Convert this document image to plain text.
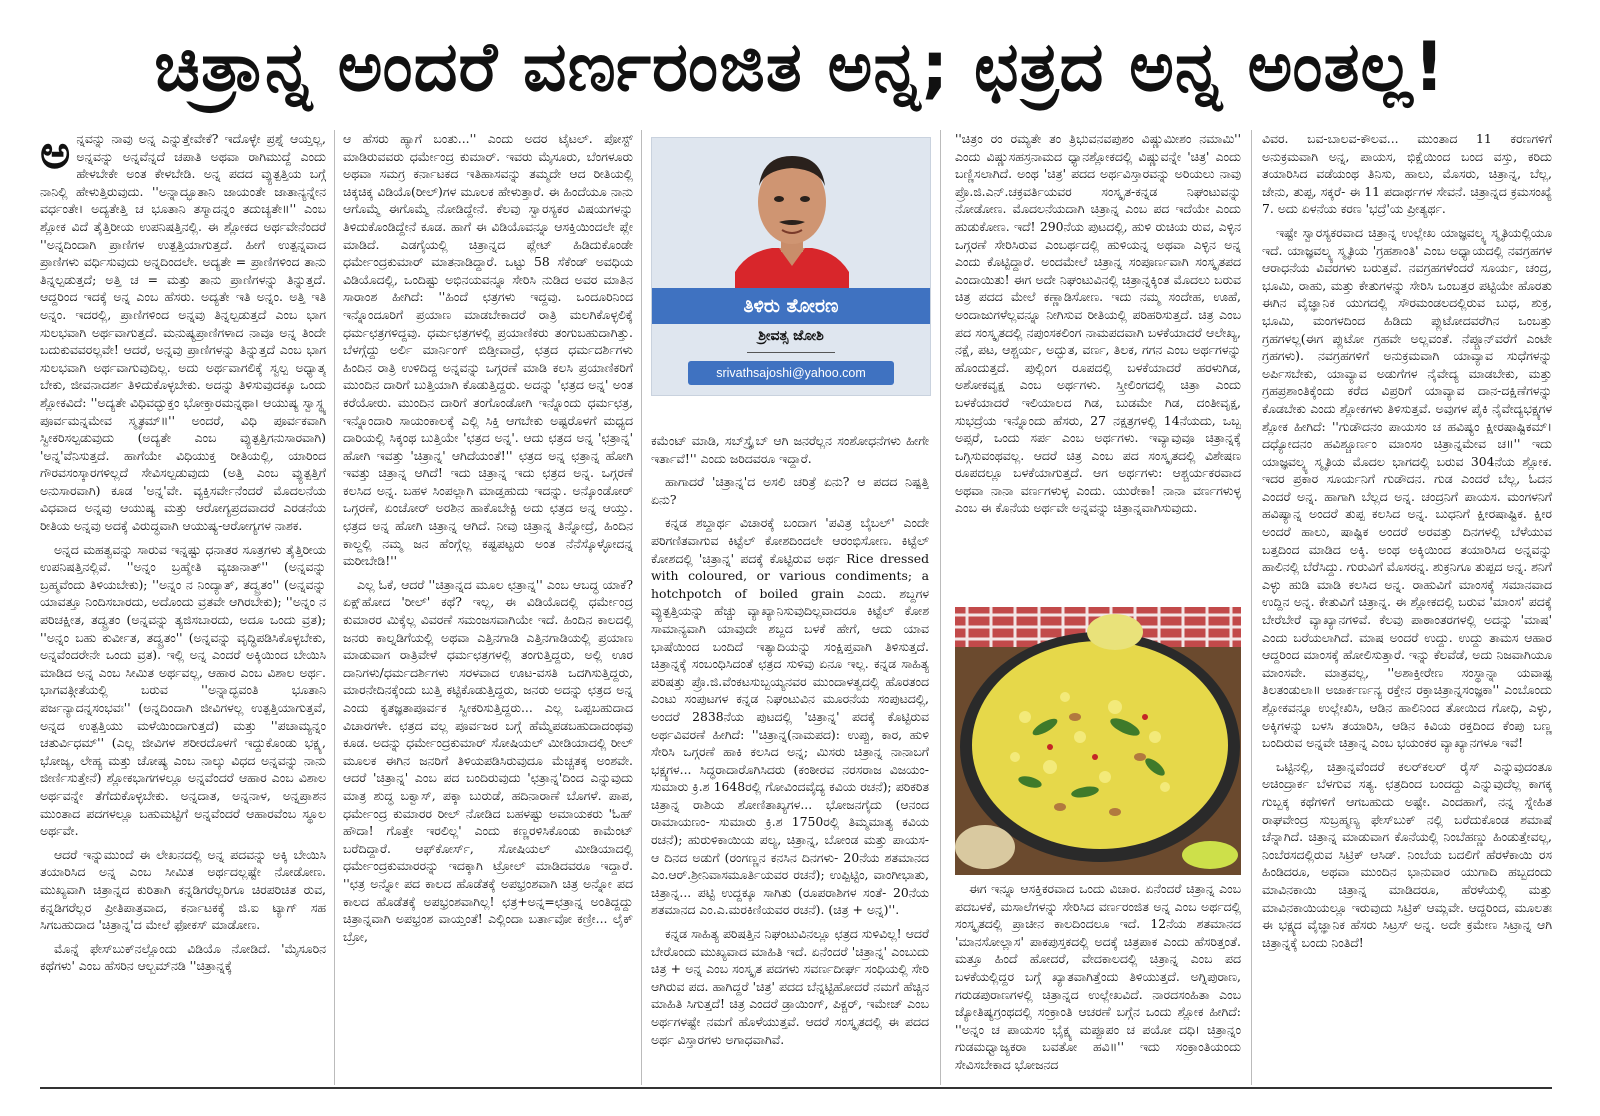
ಚಿತ್ರಾನ್ನ ಅಂದರೆ ವರ್ಣರಂಜಿತ ಅನ್ನ; ಛತ್ರದ ಅನ್ನ ಅಂತಲ್ಲ!

ಅನ್ನವನ್ನು ನಾವು ಅನ್ನ ಎನ್ನುತ್ತೇವೇಕೆ? ಇದೊಳ್ಳೇ ಪ್ರಶ್ನೆ ಆಯ್ತಲ್ಲ, ಅನ್ನವನ್ನು ಅನ್ನವೆನ್ನದೆ ಚಪಾತಿ ಅಥವಾ ರಾಗಿಮುದ್ದೆ ಎಂದು ಹೇಳಬೇಕೇ ಅಂತ ಕೇಳಬೇಡಿ. ಅನ್ನ ಪದದ ವ್ಯುತ್ಪತ್ತಿಯ ಬಗ್ಗೆ ನಾನಿಲ್ಲಿ ಹೇಳುತ್ತಿರುವುದು. ''ಅನ್ನಾದ್ಭೂತಾನಿ ಜಾಯಂತೇ ಜಾತಾನ್ಯನ್ನೇನ ವರ್ಧಂತೇ। ಅದ್ಯತೇತ್ತಿ ಚ ಭೂತಾನಿ ತಸ್ಮಾದನ್ನಂ ತದುಚ್ಯತೇ॥'' ಎಂಬ ಶ್ಲೋಕ ವಿದೆ ತೈತ್ತಿರೀಯ ಉಪನಿಷತ್ತಿನಲ್ಲಿ. ಈ ಶ್ಲೋಕದ ಅರ್ಥವೇನೆಂದರೆ ''ಅನ್ನದಿಂದಾಗಿ ಪ್ರಾಣಿಗಳ ಉತ್ಪತ್ತಿಯಾಗುತ್ತದೆ. ಹೀಗೆ ಉತ್ಪನ್ನವಾದ ಪ್ರಾಣಿಗಳು ವರ್ಧಿಸುವುದು ಅನ್ನದಿಂದಲೇ. ಅದ್ಯತೇ = ಪ್ರಾಣಿಗಳಿಂದ ತಾನು ತಿನ್ನಲ್ಪಡುತ್ತದೆ; ಅತ್ತಿ ಚ = ಮತ್ತು ತಾನು ಪ್ರಾಣಿಗಳನ್ನು ತಿನ್ನುತ್ತದೆ. ಆದ್ದರಿಂದ ಇದಕ್ಕೆ ಅನ್ನ ಎಂಬ ಹೆಸರು. ಅದ್ಯತೇ ಇತಿ ಅನ್ನಂ. ಅತ್ತಿ ಇತಿ ಅನ್ನಂ. ಇದರಲ್ಲಿ, ಪ್ರಾಣಿಗಳಿಂದ ಅನ್ನವು ತಿನ್ನಲ್ಪಡುತ್ತದೆ ಎಂಬ ಭಾಗ ಸುಲಭವಾಗಿ ಅರ್ಥವಾಗುತ್ತದೆ. ಮನುಷ್ಯಪ್ರಾಣಿಗಳಾದ ನಾವೂ ಅನ್ನ ತಿಂದೇ ಬದುಕುವವರಲ್ಲವೇ! ಆದರೆ, ಅನ್ನವು ಪ್ರಾಣಿಗಳನ್ನು ತಿನ್ನುತ್ತದೆ ಎಂಬ ಭಾಗ ಸುಲಭವಾಗಿ ಅರ್ಥವಾಗುವುದಿಲ್ಲ. ಅದು ಅರ್ಥವಾಗಲಿಕ್ಕೆ ಸ್ವಲ್ಪ ಅಧ್ಯಾತ್ಮ ಬೇಕು, ಜೀವನಾದರ್ಶ ತಿಳಿದುಕೊಳ್ಳಬೇಕು. ಅದನ್ನು ತಿಳಿಸುವುದಕ್ಕೂ ಒಂದು ಶ್ಲೋಕವಿದೆ: ''ಅದ್ಯತೇ ವಿಧಿವದ್ಭುಕ್ತಂ ಭೋಕ್ತಾರಮನ್ನಥಾ। ಆಯುಷ್ಯ ಸ್ವಾಸ್ಥ್ಯ ಪೂರ್ವಮನ್ನಮೇವ ಸ್ಮೃತಮ್॥'' ಅಂದರೆ, ವಿಧಿ ಪೂರ್ವಕವಾಗಿ ಸ್ವೀಕರಿಸಲ್ಪಡುವುದು (ಅದ್ಯತೇ ಎಂಬ ವ್ಯುತ್ಪತ್ತಿಗನುಸಾರವಾಗಿ) 'ಅನ್ನ'ವೆನಿಸುತ್ತದೆ. ಹಾಗೆಯೇ ವಿಧಿಯುಕ್ತ ರೀತಿಯಲ್ಲಿ, ಯಾರಿಂದ ಗೌರವಸಂಸ್ಕಾರಗಳಿಲ್ಲದೆ ಸೇವಿಸಲ್ಪಡುವುದು (ಅತ್ತಿ ಎಂಬ ವ್ಯುತ್ಪತ್ತಿಗೆ ಅನುಸಾರವಾಗಿ) ಕೂಡ 'ಅನ್ನ'ವೇ. ವ್ಯಕ್ತಿಸರ್ವೇನೆಂದರೆ ಮೊದಲನೆಯ ವಿಧವಾದ ಅನ್ನವು ಆಯುಷ್ಯ ಮತ್ತು ಆರೋಗ್ಯಪ್ರದವಾದರೆ ಎರಡನೆಯ ರೀತಿಯ ಅನ್ನವು ಅದಕ್ಕೆ ವಿರುದ್ಧವಾಗಿ ಆಯುಷ್ಯ-ಆರೋಗ್ಯಗಳ ನಾಶಕ.

ಅನ್ನದ ಮಹತ್ವವನ್ನು ಸಾರುವ ಇನ್ನಷ್ಟು ಧನಾತರ ಸೂತ್ರಗಳು ತೈತ್ತಿರೀಯ ಉಪನಿಷತ್ತಿನಲ್ಲಿವೆ. ''ಅನ್ನಂ ಬ್ರಹ್ಮೇತಿ ವ್ಯಜಾನಾತ್'' (ಅನ್ನವನ್ನು ಬ್ರಹ್ಮವೆಂದು ತಿಳಿಯಬೇಕು); ''ಅನ್ನಂ ನ ನಿಂದ್ಯಾತ್, ತದ್ವ್ರತಂ'' (ಅನ್ನವನ್ನು ಯಾವತ್ತೂ ನಿಂದಿಸಬಾರದು, ಅದೊಂದು ವ್ರತವೇ ಆಗಿರಬೇಕು); ''ಅನ್ನಂ ನ ಪರಿಚಕ್ಷೀತ, ತದ್ವ್ರತಂ (ಅನ್ನವನ್ನು ತ್ಯಜಿಸಬಾರದು, ಅದೂ ಒಂದು ವ್ರತ); ''ಅನ್ನಂ ಬಹು ಕುರ್ವೀತ, ತದ್ವ್ರತಂ'' (ಅನ್ನವನ್ನು ವೃದ್ಧಿಪಡಿಸಿಕೊಳ್ಳಬೇಕು, ಅನ್ನವೆಂದರೇನೇ ಒಂದು ವ್ರತ). ಇಲ್ಲಿ ಅನ್ನ ಎಂದರೆ ಅಕ್ಕಿಯಿಂದ ಬೇಯಿಸಿ ಮಾಡಿದ ಅನ್ನ ಎಂಬ ಸೀಮಿತ ಅರ್ಥವಲ್ಲ, ಆಹಾರ ಎಂಬ ವಿಶಾಲ ಅರ್ಥ. ಭಾಗವತ್ಗೀತೆಯಲ್ಲಿ ಬರುವ ''ಅನ್ನಾದ್ಭವಂತಿ ಭೂತಾನಿ ಪರ್ಜನ್ಯಾದನ್ನಸಂಭವಃ'' (ಅನ್ನದಿಂದಾಗಿ ಜೀವಿಗಳಲ್ಲ ಉತ್ಪತ್ತಿಯಾಗುತ್ತವೆ, ಅನ್ನದ ಉತ್ಪತ್ತಿಯು ಮಳೆಯಿಂದಾಗುತ್ತದೆ) ಮತ್ತು ''ಪಚಾಮ್ಯನ್ನಂ ಚತುರ್ವಿಧಮ್'' (ಎಲ್ಲ ಜೀವಿಗಳ ಶರೀರದೊಳಗೆ ಇದ್ದುಕೊಂಡು ಭಕ್ಷ್ಯ, ಭೋಜ್ಯ, ಲೇಹ್ಯ ಮತ್ತು ಚೋಷ್ಯ ಎಂಬ ನಾಲ್ಕು ವಿಧದ ಅನ್ನವನ್ನು ನಾನು ಜೀರ್ಣಿಸುತ್ತೇನೆ) ಶ್ಲೋಕಭಾಗಗಳಲ್ಲೂ ಅನ್ನವೆಂದರೆ ಆಹಾರ ಎಂಬ ವಿಶಾಲ ಅರ್ಥವನ್ನೇ ತೆಗೆದುಕೊಳ್ಳಬೇಕು. ಅನ್ನದಾತ, ಅನ್ನನಾಳ, ಅನ್ನಪ್ರಾಶನ ಮುಂತಾದ ಪದಗಳಲ್ಲೂ ಬಹುಮಟ್ಟಿಗೆ ಅನ್ನವೆಂದರೆ ಆಹಾರವೆಂಬ ಸ್ಥೂಲ ಅರ್ಥವೇ.

ಆದರೆ ಇನ್ನುಮುಂದೆ ಈ ಲೇಖನದಲ್ಲಿ ಅನ್ನ ಪದವನ್ನು ಅಕ್ಕಿ ಬೇಯಿಸಿ ತಯಾರಿಸಿದ ಅನ್ನ ಎಂಬ ಸೀಮಿತ ಅರ್ಥದಲ್ಲಷ್ಟೇ ನೋಡೋಣ. ಮುಖ್ಯವಾಗಿ ಚಿತ್ರಾನ್ನದ ಕುರಿತಾಗಿ ಕನ್ನಡಿಗರೆಲ್ಲರಿಗೂ ಚಿರಪರಿಚಿತ ರುವ, ಕನ್ನಡಿಗರೆಲ್ಲರ ಪ್ರೀತಿಪಾತ್ರವಾದ, ಕರ್ನಾಟಕಕ್ಕೆ ಜಿ.ಐ ಟ್ಯಾಗ್ ಸಹ ಸಿಗಬಹುದಾದ 'ಚಿತ್ರಾನ್ನ'ದ ಮೇಲೆ ಫೋಕಸ್ ಮಾಡೋಣ.

ಮೊನ್ನೆ ಫೇಸ್‌ಬುಕ್‌ನಲ್ಲೊಂದು ವಿಡಿಯೊ ನೋಡಿದೆ. 'ಮೈಸೂರಿನ ಕಥೆಗಳು' ಎಂಬ ಹೆಸರಿನ ಆಲ್ಬಮ್‌ನಡಿ ''ಚಿತ್ರಾನ್ನಕ್ಕೆ

ಆ ಹೆಸರು ಹ್ಯಾಗೆ ಬಂತು...'' ಎಂದು ಅದರ ಟೈಟಲ್. ಪೋಸ್ಟ್ ಮಾಡಿರುವವರು ಧರ್ಮೇಂದ್ರ ಕುಮಾರ್. ಇವರು ಮೈಸೂರು, ಬೆಂಗಳೂರು ಅಥವಾ ಸಮಗ್ರ ಕರ್ನಾಟಕದ ಇತಿಹಾಸವನ್ನು ತಮ್ಮದೇ ಆದ ರೀತಿಯಲ್ಲಿ ಚಿಕ್ಕಚಿಕ್ಕ ವಿಡಿಯೊ(ರೀಲ್)ಗಳ ಮೂಲಕ ಹೇಳುತ್ತಾರೆ. ಈ ಹಿಂದೆಯೂ ನಾನು ಆಗೊಮ್ಮೆ ಈಗೊಮ್ಮೆ ನೋಡಿದ್ದೇನೆ. ಕೆಲವು ಸ್ವಾರಸ್ಯಕರ ವಿಷಯಗಳನ್ನು ತಿಳಿದುಕೊಂಡಿದ್ದೇನೆ ಕೂಡ. ಹಾಗೆ ಈ ವಿಡಿಯೊವನ್ನೂ ಆಸಕ್ತಿಯಿಂದಲೇ ಪ್ಲೇ ಮಾಡಿದೆ. ಎಡಗೈಯಲ್ಲಿ ಚಿತ್ರಾನ್ನದ ಪ್ಲೇಟ್ ಹಿಡಿದುಕೊಂಡೇ ಧರ್ಮೇಂದ್ರಕುಮಾರ್ ಮಾತನಾಡಿದ್ದಾರೆ. ಒಟ್ಟು 58 ಸೆಕೆಂಡ್ ಅವಧಿಯ ವಿಡಿಯೊದಲ್ಲಿ, ಒಂದಿಷ್ಟು ಅಭಿನಯವನ್ನೂ ಸೇರಿಸಿ ನುಡಿದ ಅವರ ಮಾತಿನ ಸಾರಾಂಶ ಹೀಗಿದೆ: ''ಹಿಂದೆ ಛತ್ರಗಳು ಇದ್ದವು. ಒಂದೂರಿನಿಂದ ಇನ್ನೊಂದೂರಿಗೆ ಪ್ರಯಾಣ ಮಾಡಬೇಕಾದರೆ ರಾತ್ರಿ ಮಲಗಿಕೊಳ್ಳಲಿಕ್ಕೆ ಧರ್ಮಛತ್ರಗಳಿದ್ದವು. ಧರ್ಮಛತ್ರಗಳಲ್ಲಿ ಪ್ರಯಾಣಿಕರು ತಂಗುಬಹುದಾಗಿತ್ತು. ಬೆಳಗ್ಗೆದ್ದು ಅರ್ಲಿ ಮಾರ್ನಿಂಗ್ ಬಿಡ್ತೀವಾದ್ರೆ, ಛತ್ರದ ಧರ್ಮದರ್ಶಿಗಳು ಹಿಂದಿನ ರಾತ್ರಿ ಉಳಿದಿದ್ದ ಅನ್ನವನ್ನು ಒಗ್ಗರಣೆ ಮಾಡಿ ಕಲಸಿ ಪ್ರಯಾಣಿಕರಿಗೆ ಮುಂದಿನ ದಾರಿಗೆ ಬುತ್ತಿಯಾಗಿ ಕೊಡುತ್ತಿದ್ದರು. ಅದನ್ನು 'ಛತ್ರದ ಅನ್ನ' ಅಂತ ಕರೆಯೋರು. ಮುಂದಿನ ದಾರಿಗೆ ತಂಗೊಂಡೋಗಿ ಇನ್ನೊಂದು ಧರ್ಮಛತ್ರ, ಇನ್ನೊಂದಾರಿ ಸಾಯಂಕಾಲಕ್ಕೆ ಎಲ್ಲಿ ಸಿಕ್ತಿ ಆಗಬೇಕು ಅಷ್ಟರೊಳಗೆ ಮಧ್ಯದ ದಾರಿಯಲ್ಲಿ ಸಿಕ್ಕಂಥ ಬುತ್ತಿಯೇ 'ಛತ್ರದ ಅನ್ನ'. ಆದು ಛತ್ರದ ಅನ್ನ 'ಛತ್ರಾನ್ನ' ಹೋಗಿ ಇವತ್ತು 'ಚಿತ್ರಾನ್ನ' ಆಗಿದೆಯಂತೆ!'' ಛತ್ರದ ಅನ್ನ ಛತ್ರಾನ್ನ ಹೋಗಿ ಇವತ್ತು ಚಿತ್ರಾನ್ನ ಆಗಿದೆ! ಇದು ಚಿತ್ರಾನ್ನ ಇದು ಛತ್ರದ ಅನ್ನ. ಒಗ್ಗರಣೆ ಕಲಸಿದ ಅನ್ನ. ಬಹಳ ಸಿಂಪಲ್ಲಾಗಿ ಮಾಡ್ತಹುದು ಇದನ್ನು. ಅನ್ಕೊಂಡೋರ್ ಒಗ್ಗರಣೆ, ಏಂಚೋರ್ ಅರಶಿನ ಹಾಕೊಬೇಕ್ಟಿ ಅದು ಛತ್ರದ ಅನ್ನ ಆಯ್ತು. ಛತ್ರದ ಅನ್ನ ಹೋಗಿ ಚಿತ್ರಾನ್ನ ಆಗಿದೆ. ನೀವು ಚಿತ್ರಾನ್ನ ತಿನ್ನೋದ್ರೆ, ಹಿಂದಿನ ಕಾಲ್ದಲ್ಲಿ ನಮ್ಮ ಜನ ಹೆಂಗ್ಗೆಲ್ಲ ಕಷ್ಟಪಟ್ಟರು ಅಂತ ನೆನೆಸ್ಕೊಳ್ಳೋದನ್ನ ಮರೀಬೇಡಿ!''

ಎಲ್ಲ ಓಕೆ, ಆದರೆ ''ಚಿತ್ರಾನ್ನದ ಮೂಲ ಛತ್ರಾನ್ನ'' ಎಂಬ ಆಬದ್ಧ ಯಾಕೆ? ಏಕ್ಷ್‌ಹೋದ 'ರೀಲ್' ಕಥೆ? ಇಲ್ಲ, ಈ ವಿಡಿಯೊದಲ್ಲಿ ಧರ್ಮೇಂದ್ರ ಕುಮಾರರ ಮಿಕ್ಕೆಲ್ಲ ವಿವರಣೆ ಸಮಂಜಸವಾಗಿಯೇ ಇದೆ. ಹಿಂದಿನ ಕಾಲದಲ್ಲಿ ಜನರು ಕಾಲ್ನಡಿಗೆಯಲ್ಲಿ ಅಥವಾ ಎತ್ತಿನಗಾಡಿ ಎತ್ತಿನಗಾಡಿಯಲ್ಲಿ ಪ್ರಯಾಣ ಮಾಡುವಾಗ ರಾತ್ರಿವೇಳೆ ಧರ್ಮಛತ್ರಗಳಲ್ಲಿ ತಂಗುತ್ತಿದ್ದರು, ಅಲ್ಲಿ ಊರ ದಾನಿಗಳು/ಧರ್ಮದರ್ಶಿಗಳು ಸರಳವಾದ ಊಟ-ವಸತಿ ಒದಗಿಸುತ್ತಿದ್ದರು, ಮಾರನೇದಿನಕ್ಕೆಂದು ಬುತ್ತಿ ಕಟ್ಟಿಕೊಡುತ್ತಿದ್ದರು, ಜನರು ಅದನ್ನು ಛತ್ರದ ಅನ್ನ ಎಂದು ಕೃತಜ್ಞತಾಪೂರ್ವಕ ಸ್ವೀಕರಿಸುತ್ತಿದ್ದರು... ಎಲ್ಲ ಒಪ್ಪಬಹುದಾದ ವಿಚಾರಗಳೇ. ಛತ್ರದ ವಲ್ಲ ಪೂರ್ವಜರ ಬಗ್ಗೆ ಹೆಮ್ಮೆಪಡಬಹುದಾದಂಥವು ಕೂಡ. ಅದನ್ನು ಧರ್ಮೇಂದ್ರಕುಮಾರ್ ಸೋಷಿಯಲ್ ಮೀಡಿಯಾದಲ್ಲಿ ರೀಲ್ ಮೂಲಕ ಈಗಿನ ಜನರಿಗೆ ತಿಳಿಯಪಡಿಸಿರುವುದೂ ಮೆಚ್ಚತಕ್ಕ ಅಂಶವೇ. ಆದರೆ 'ಚಿತ್ರಾನ್ನ' ಎಂಬ ಪದ ಬಂದಿರುವುದು 'ಛತ್ರಾನ್ನ'ದಿಂದ ಎನ್ನುವುದು ಮಾತ್ರ ಶುದ್ಧ ಬಕ್ವಾಸ್, ಪಕ್ಕಾ ಬುರುಡೆ, ಹದಿನಾರಾಣೆ ಬೊಗಳೆ. ಪಾಪ, ಧರ್ಮೇಂದ್ರ ಕುಮಾರರ ರೀಲ್ ನೋಡಿದ ಬಹಳಷ್ಟು ಅಮಾಯಕರು 'ಓಹ್ ಹೌದಾ! ಗೊತ್ತೇ ಇರಲಿಲ್ಲ' ಎಂದು ಕಣ್ಣರಳಿಸಿಕೊಂಡು ಕಾಮೆಂಟ್ ಬರೆದಿದ್ದಾರೆ. ಆಫ್‌ಕೋರ್ಸ್, ಸೋಷಿಯಲ್ ಮೀಡಿಯಾದಲ್ಲಿ ಧರ್ಮೇಂದ್ರಕುಮಾರರನ್ನು ಇದಕ್ಕಾಗಿ ಟ್ರೋಲ್ ಮಾಡಿದವರೂ ಇದ್ದಾರೆ. ''ಛತ್ರ ಅನ್ನೋ ಪದ ಕಾಲದ ಹೊಡೆತಕ್ಕೆ ಅಪಭ್ರಂಶವಾಗಿ ಚಿತ್ರ ಅನ್ನೋ ಪದ ಕಾಲದ ಹೊಡೆತಕ್ಕೆ ಅಪಭ್ರಂಶವಾಗಿಲ್ಲ! ಛತ್ರ+ಅನ್ನ=ಛತ್ರಾನ್ನ ಅಂತಿದ್ದದ್ದು ಚಿತ್ರಾನ್ನವಾಗಿ ಅಪಭ್ರಂಶ ವಾಯ್ತಂತೆ! ಎಲ್ಲಿಂದಾ ಬರ್ತಾವೋ ಕಣ್ರೀ... ಲೈಕ್ ಬ್ರೋ,

ತಿಳಿರು ತೋರಣ
ಶ್ರೀವತ್ಸ ಜೋಶಿ
srivathsajoshi@yahoo.com

ಕಮೆಂಟ್ ಮಾಡಿ, ಸಬ್‌ಸ್ಕ್ರೈಬ್ ಆಗಿ ಜನರೆಲ್ಲನ ಸಂಶೋಧನೆಗಳು ಹೀಗೇ ಇರ್ತಾವೆ!'' ಎಂದು ಜರಿದವರೂ ಇದ್ದಾರೆ.

ಹಾಗಾದರೆ 'ಚಿತ್ರಾನ್ನ'ದ ಅಸಲಿ ಚರಿತ್ರೆ ಏನು? ಆ ಪದದ ನಿಷ್ಪತ್ತಿ ಏನು?

ಕನ್ನಡ ಶಬ್ದಾರ್ಥ ವಿಚಾರಕ್ಕೆ ಬಂದಾಗ 'ಪವಿತ್ರ ಬೈಬಲ್' ಎಂದೇ ಪರಿಗಣಿತವಾಗುವ ಕಿಟ್ಟೆಲ್ ಕೋಶದಿಂದಲೇ ಆರಂಭಿಸೋಣ. ಕಿಟ್ಟೆಲ್ ಕೋಶದಲ್ಲಿ 'ಚಿತ್ರಾನ್ನ' ಪದಕ್ಕೆ ಕೊಟ್ಟಿರುವ ಅರ್ಥ Rice dressed with coloured, or various condiments; a hotchpotch of boiled grain ಎಂದು. ಶಬ್ದಗಳ ವ್ಯುತ್ಪತ್ತಿಯನ್ನು ಹೆಚ್ಚು ವ್ಯಾಖ್ಯಾನಿಸುವುದಿಲ್ಲವಾದರೂ ಕಿಟ್ಟೆಲ್ ಕೋಶ ಸಾಮಾನ್ಯವಾಗಿ ಯಾವುದೇ ಶಬ್ದದ ಬಳಕೆ ಹೇಗೆ, ಆದು ಯಾವ ಭಾಷೆಯಿಂದ ಬಂದಿದೆ ಇತ್ಯಾದಿಯನ್ನು ಸಂಕ್ಷಿಪ್ತವಾಗಿ ತಿಳಿಸುತ್ತದೆ. ಚಿತ್ರಾನ್ನಕ್ಕೆ ಸಂಬಂಧಿಸಿದಂತೆ ಛತ್ರದ ಸುಳಿವು ಏನೂ ಇಲ್ಲ. ಕನ್ನಡ ಸಾಹಿತ್ಯ ಪರಿಷತ್ತು ಪ್ರೊ.ಜಿ.ವೆಂಕಟಸುಬ್ಬಯ್ಯನವರ ಮುಂದಾಳತ್ವದಲ್ಲಿ ಹೊರತಂದ ಎಂಟು ಸಂಪುಟಗಳ ಕನ್ನಡ ನಿಘಂಟುವಿನ ಮೂರನೆಯ ಸಂಪುಟದಲ್ಲಿ, ಅಂದರೆ 2838ನೆಯ ಪುಟದಲ್ಲಿ 'ಚಿತ್ರಾನ್ನ' ಪದಕ್ಕೆ ಕೊಟ್ಟಿರುವ ಅರ್ಥವಿವರಣೆ ಹೀಗಿದೆ: ''ಚಿತ್ರಾನ್ನ(ನಾಮಪದ): ಉಪ್ಪು, ಕಾರ, ಹುಳಿ ಸೇರಿಸಿ ಒಗ್ಗರಣೆ ಹಾಕಿ ಕಲಸಿದ ಅನ್ನ; ಮಿಸರು ಚಿತ್ರಾನ್ನ ನಾನಾಬಗೆ ಭಕ್ಷ್ಯಗಳ... ಸಿದ್ಧರಾದಾರೊಗಿಸಿದರು (ಕಂಠೀರವ ನರಸರಾಜ ವಿಜಯಂ- ಸುಮಾರು ಕ್ರಿ.ಶ 1648ರಲ್ಲಿ ಗೋವಿಂದವೈದ್ಯ ಕವಿಯ ರಚನೆ); ಪರಿಕರಿತ ಚಿತ್ರಾನ್ನ ರಾಶಿಯ ಶೋಣಿತಾಖ್ಯಗಳ... ಭೋಜನಗೈದು (ಆನಂದ ರಾಮಾಯಣಂ- ಸುಮಾರು ಕ್ರಿ.ಶ 1750ರಲ್ಲಿ ತಿಮ್ಮಮಾತ್ಯ ಕವಿಯ ರಚನೆ); ಹುರುಳಿಕಾಯಿಯ ಪಲ್ಯ, ಚಿತ್ರಾನ್ನ, ಬೋಂಡ ಮತ್ತು ಪಾಯಸ- ಆ ದಿನದ ಅಡುಗೆ (ರಂಗಣ್ಣನ ಕನಸಿನ ದಿನಗಳು- 20ನೆಯ ಶತಮಾನದ ಎಂ.ಆರ್.ಶ್ರೀನಿವಾಸಮೂರ್ತಿಯವರ ರಚನೆ); ಉಪ್ಪಿಟ್ಟಿಂ, ವಾಂಗೀಭಾತು, ಚಿತ್ರಾನ್ನ... ಪಟ್ಟಿ ಉದ್ದಕ್ಕೂ ಸಾಗಿತು (ರೂಪರಾಶಿಗಳ ಸಂತೆ- 20ನೆಯ ಶತಮಾನದ ಎಂ.ಎ.ಮರಕಿಣಿಯವರ ರಚನೆ). (ಚಿತ್ರ + ಅನ್ನ)''.

ಕನ್ನಡ ಸಾಹಿತ್ಯ ಪರಿಷತ್ತಿನ ನಿಘಂಟುವಿನಲ್ಲೂ ಛತ್ರದ ಸುಳಿವಿಲ್ಲ! ಆದರೆ ಬೇರೊಂದು ಮುಖ್ಯವಾದ ಮಾಹಿತಿ ಇದೆ. ಏನೆಂದರೆ 'ಚಿತ್ರಾನ್ನ' ಎಂಬುದು ಚಿತ್ರ + ಅನ್ನ ಎಂಬ ಸಂಸ್ಕೃತ ಪದಗಳು ಸವರ್ಣದೀರ್ಘ ಸಂಧಿಯಲ್ಲಿ ಸೇರಿ ಆಗಿರುವ ಪದ. ಹಾಗಿದ್ದರೆ 'ಚಿತ್ರ' ಪದದ ಬೆನ್ನಟ್ಟಿಹೋದರೆ ನಮಗೆ ಹೆಚ್ಚಿನ ಮಾಹಿತಿ ಸಿಗುತ್ತದೆ! ಚಿತ್ರ ಎಂದರೆ ಡ್ರಾಯಿಂಗ್, ಪಿಕ್ಚರ್, ಇಮೇಜ್ ಎಂಬ ಅರ್ಥಗಳಷ್ಟೇ ನಮಗೆ ಹೊಳೆಯುತ್ತವೆ. ಆದರೆ ಸಂಸ್ಕೃತದಲ್ಲಿ ಈ ಪದದ ಅರ್ಥ ವಿಸ್ತಾರಗಳು ಅಗಾಧವಾಗಿವೆ.

''ಚಿತ್ರಂ ರಂ ರಮ್ಯತೇ ತಂ ತ್ರಿಭುವನವಪುಶಂ ವಿಷ್ಣುಮೀಶಂ ನಮಾಮಿ'' ಎಂದು ವಿಷ್ಣುಸಹಸ್ರನಾಮದ ಧ್ಯಾನಶ್ಲೋಕದಲ್ಲಿ ವಿಷ್ಣುವನ್ನೇ 'ಚಿತ್ರ' ಎಂದು ಬಣ್ಣಿಸಲಾಗಿದೆ. ಅಂಥ 'ಚಿತ್ರ' ಪದದ ಅರ್ಥವಿಸ್ತಾರವನ್ನು ಅರಿಯಲು ನಾವು ಪ್ರೊ.ಜಿ.ಎನ್.ಚಕ್ರವರ್ತಿಯವರ ಸಂಸ್ಕೃತ-ಕನ್ನಡ ನಿಘಂಟುವನ್ನು ನೋಡೋಣ. ಮೊದಲನೆಯದಾಗಿ ಚಿತ್ರಾನ್ನ ಎಂಬ ಪದ ಇದೆಯೇ ಎಂದು ಹುಡುಕೋಣ. ಇದೆ! 290ನೆಯ ಪುಟದಲ್ಲಿ, ಹುಳಿ ರುಚಿಯ ರುವ, ಎಳ್ಳಿನ ಒಗ್ಗರಣೆ ಸೇರಿಸಿರುವ ಎಂಬರ್ಥದಲ್ಲಿ ಹುಳಿಯನ್ನ ಅಥವಾ ಎಳ್ಳಿನ ಅನ್ನ ಎಂದು ಕೊಟ್ಟಿದ್ದಾರೆ. ಅಂದಮೇಲೆ ಚಿತ್ರಾನ್ನ ಸಂಪೂರ್ಣವಾಗಿ ಸಂಸ್ಕೃತಪದ ಎಂದಾಯಿತು! ಈಗ ಅದೇ ನಿಘಂಟುವಿನಲ್ಲಿ ಚಿತ್ರಾನ್ನಕ್ಕಿಂತ ಮೊದಲು ಬರುವ ಚಿತ್ರ ಪದದ ಮೇಲೆ ಕಣ್ಣಾಡಿಸೋಣ. ಇದು ನಮ್ಮ ಸಂದೇಹ, ಊಹೆ, ಅಂದಾಜುಗಳೆಲ್ಲವನ್ನೂ ನೀಗಿಸುವ ರೀತಿಯಲ್ಲಿ ಪರಿಹರಿಸುತ್ತದೆ. ಚಿತ್ರ ಎಂಬ ಪದ ಸಂಸ್ಕೃತದಲ್ಲಿ ನಪುಂಸಕಲಿಂಗ ನಾಮಪದವಾಗಿ ಬಳಕೆಯಾದರೆ ಆಲೇಖ್ಯ, ನಕ್ಷೆ, ಪಟ, ಆಶ್ಚರ್ಯ, ಅದ್ಭುತ, ವರ್ಣ, ತಿಲಕ, ಗಗನ ಎಂಬ ಅರ್ಥಗಳನ್ನು ಹೊಂದುತ್ತದೆ. ಪುಲ್ಲಿಂಗ ರೂಪದಲ್ಲಿ ಬಳಕೆಯಾದರೆ ಹರಳುಗಿಡ, ಅಶೋಕವೃಕ್ಷ ಎಂಬ ಅರ್ಥಗಳು. ಸ್ತ್ರೀಲಿಂಗದಲ್ಲಿ ಚಿತ್ರಾ ಎಂದು ಬಳಕೆಯಾದರೆ ಇಲಿಯಾಲದ ಗಿಡ, ಬುಡಮೇ ಗಿಡ, ದಂತೀವೃಕ್ಷ, ಸುಭದ್ರೆಯ ಇನ್ನೊಂದು ಹೆಸರು, 27 ನಕ್ಷತ್ರಗಳಲ್ಲಿ 14ನೆಯದು, ಒಬ್ಬ ಅಪ್ಸರೆ, ಒಂದು ಸರ್ಪ ಎಂಬ ಅರ್ಥಗಳು. ಇವ್ಯಾವುವೂ ಚಿತ್ರಾನ್ನಕ್ಕೆ ಒಗ್ಗಿಸುವಂಥವಲ್ಲ. ಆದರೆ ಚಿತ್ರ ಎಂಬ ಪದ ಸಂಸ್ಕೃತದಲ್ಲಿ ವಿಶೇಷಣ ರೂಪದಲ್ಲೂ ಬಳಕೆಯಾಗುತ್ತದೆ. ಆಗ ಅರ್ಥಗಳು: ಆಶ್ಚರ್ಯಕರವಾದ ಅಥವಾ ನಾನಾ ವರ್ಣಗಳುಳ್ಳ ಎಂದು. ಯುರೇಕಾ! ನಾನಾ ವರ್ಣಗಳುಳ್ಳ ಎಂಬ ಈ ಕೊನೆಯ ಅರ್ಥವೇ ಅನ್ನವನ್ನು ಚಿತ್ರಾನ್ನವಾಗಿಸುವುದು.

ಈಗ ಇನ್ನೂ ಆಸಕ್ತಿಕರವಾದ ಒಂದು ವಿಚಾರ. ಏನೆಂದರೆ ಚಿತ್ರಾನ್ನ ಎಂಬ ಪದಬಳಕೆ, ಮಸಾಲೆಗಳನ್ನು ಸೇರಿಸಿದ ವರ್ಣರಂಜಿತ ಅನ್ನ ಎಂಬ ಅರ್ಥದಲ್ಲಿ ಸಂಸ್ಕೃತದಲ್ಲಿ ಪ್ರಾಚೀನ ಕಾಲದಿಂದಲೂ ಇದೆ. 12ನೆಯ ಶತಮಾನದ 'ಮಾನಸೋಲ್ಲಾಸ' ಪಾಕಪುಸ್ತಕದಲ್ಲಿ ಅದಕ್ಕೆ ಚಿತ್ರಪಾಕ ಎಂದು ಹೆಸರಿತ್ತಂತೆ. ಮತ್ತೂ ಹಿಂದೆ ಹೋದರೆ, ವೇದಕಾಲದಲ್ಲಿ ಚಿತ್ರಾನ್ನ ಎಂಬ ಪದ ಬಳಕೆಯಲ್ಲಿದ್ದರ ಬಗ್ಗೆ ಖ್ಯಾತವಾಗಿತ್ತೆಂದು ತಿಳಿಯುತ್ತದೆ. ಅಗ್ನಿಪುರಾಣ, ಗರುಡಪುರಾಣಗಳಲ್ಲಿ ಚಿತ್ರಾನ್ನದ ಉಲ್ಲೇಖವಿದೆ. ನಾರದಸಂಹಿತಾ ಎಂಬ ಜ್ಯೋತಿಷ್ಯಗ್ರಂಥದಲ್ಲಿ ಸಂಕ್ರಾಂತಿ ಆಚರಣೆ ಬಗ್ಗೆನ ಒಂದು ಶ್ಲೋಕ ಹೀಗಿದೆ: ''ಅನ್ನಂ ಚ ಪಾಯಸಂ ಭೈಕ್ಷ್ಯ ಮಪ್ಪೂಪಂ ಚ ಪಯೋ ದಧಿ। ಚಿತ್ರಾನ್ನಂ ಗುಡಮಧ್ವಾಜ್ಯಕರಾ ಬವತೋ ಹವಿ॥'' ಇದು ಸಂಕ್ರಾಂತಿಯಂದು ಸೇವಿಸಬೇಕಾದ ಭೋಜನದ

ವಿವರ. ಬವ-ಬಾಲವ-ಕೌಲವ... ಮುಂತಾದ 11 ಕರಣಗಳಿಗೆ ಅನುಕ್ರಮವಾಗಿ ಅನ್ನ, ಪಾಯಸ, ಭಿಕ್ಷೆಯಿಂದ ಬಂದ ವಸ್ತು, ಕರಿದು ತಯಾರಿಸಿದ ವಡೆಯಂಥ ತಿನಿಸು, ಹಾಲು, ಮೊಸರು, ಚಿತ್ರಾನ್ನ, ಬೆಲ್ಲ, ಜೇನು, ತುಪ್ಪ, ಸಕ್ಕರೆ- ಈ 11 ಪದಾರ್ಥಗಳ ಸೇವನೆ. ಚಿತ್ರಾನ್ನದ ಕ್ರಮಸಂಖ್ಯೆ 7. ಅದು ಏಳನೆಯ ಕರಣ 'ಭದ್ರೆ'ಯ ಪ್ರೀತ್ಯರ್ಥ.

ಇಷ್ಟೇ ಸ್ವಾರಸ್ಯಕರವಾದ ಚಿತ್ರಾನ್ನ ಉಲ್ಲೇಖ ಯಾಜ್ಞವಲ್ಕ್ಯ ಸ್ಮೃತಿಯಲ್ಲಿಯೂ ಇದೆ. ಯಾಜ್ಞವಲ್ಕ್ಯ ಸ್ಮೃತಿಯ 'ಗ್ರಹಶಾಂತಿ' ಎಂಬ ಅಧ್ಯಾಯದಲ್ಲಿ ನವಗ್ರಹಗಳ ಆರಾಧನೆಯ ವಿವರಗಳು ಬರುತ್ತವೆ. ನವಗ್ರಹಗಳೆಂದರೆ ಸೂರ್ಯ, ಚಂದ್ರ, ಭೂಮಿ, ರಾಹು, ಮತ್ತು ಕೇತುಗಳನ್ನು ಸೇರಿಸಿ ಒಂಬತ್ತರ ಪಟ್ಟಿಯೇ ಹೊರತು ಈಗಿನ ವೈಜ್ಞಾನಿಕ ಯುಗದಲ್ಲಿ ಸೌರಮಂಡಲದಲ್ಲಿರುವ ಬುಧ, ಶುಕ್ರ, ಭೂಮಿ, ಮಂಗಳದಿಂದ ಹಿಡಿದು ಪ್ಲುಟೋದವರೆಗಿನ ಒಂಬತ್ತು ಗ್ರಹಗಳಲ್ಲ(ಈಗ ಪ್ಲುಟೋ ಗ್ರಹವೇ ಅಲ್ಲವಂತೆ. ನೆಪ್ಚೂನ್‌ವರೆಗೆ ಎಂಟೇ ಗ್ರಹಗಳು). ನವಗ್ರಹಗಳಿಗೆ ಅನುಕ್ರಮವಾಗಿ ಯಾವ್ಯಾವ ಸುಧೆಗಳನ್ನು ಅರ್ಪಿಸಬೇಕು, ಯಾವ್ಯಾವ ಅಡುಗೆಗಳ ನೈವೇದ್ಯ ಮಾಡಬೇಕು, ಮತ್ತು ಗ್ರಹಪ್ರಶಾಂತಿಕ್ಕೆಂದು ಕರೆದ ವಿಪ್ರರಿಗೆ ಯಾವ್ಯಾವ ದಾನ-ದಕ್ಷಿಣೆಗಳನ್ನು ಕೊಡಬೇಕು ಎಂದು ಶ್ಲೋಕಗಳು ತಿಳಿಸುತ್ತವೆ. ಅವುಗಳ ಪೈಕಿ ನೈವೇದ್ಯಭಕ್ಷ್ಯಗಳ ಶ್ಲೋಕ ಹೀಗಿದೆ: ''ಗುಡೌದನಂ ಪಾಯಸಂ ಚ ಹವಿಷ್ಯಂ ಕ್ಷೀರಷಾಷ್ಟಿಕಮ್। ದಧ್ಯೋದನಂ ಹವಿಶ್ಚೂರ್ಣಂ ಮಾಂಸಂ ಚಿತ್ರಾನ್ನಮೇವ ಚ॥'' ಇದು ಯಾಜ್ಞವಲ್ಕ್ಯ ಸ್ಮೃತಿಯ ಮೊದಲ ಭಾಗದಲ್ಲಿ ಬರುವ 304ನೆಯ ಶ್ಲೋಕ. ಇದರ ಪ್ರಕಾರ ಸೂರ್ಯನಿಗೆ ಗುಡೌದನ. ಗುಡ ಎಂದರೆ ಬೆಲ್ಲ, ಓದನ ಎಂದರೆ ಅನ್ನ. ಹಾಗಾಗಿ ಬೆಲ್ಲದ ಅನ್ನ. ಚಂದ್ರನಿಗೆ ಪಾಯಸ. ಮಂಗಳನಿಗೆ ಹವಿಷ್ಯಾನ್ನ ಅಂದರೆ ತುಪ್ಪ ಕಲಸಿದ ಅನ್ನ. ಬುಧನಿಗೆ ಕ್ಷೀರಷಾಷ್ಟಿಕ. ಕ್ಷೀರ ಅಂದರೆ ಹಾಲು, ಷಾಷ್ಟಿಕ ಅಂದರೆ ಅರವತ್ತು ದಿನಗಳಲ್ಲಿ ಬೆಳೆಯುವ ಬತ್ತದಿಂದ ಮಾಡಿದ ಅಕ್ಕಿ. ಅಂಥ ಅಕ್ಕಿಯಿಂದ ತಯಾರಿಸಿದ ಅನ್ನವನ್ನು ಹಾಲಿನಲ್ಲಿ ಬೆರೆಸಿದ್ದು. ಗುರುವಿಗೆ ಮೊಸರನ್ನ. ಶುಕ್ರನಿಗೂ ತುಪ್ಪದ ಅನ್ನ. ಶನಿಗೆ ಎಳ್ಳು ಹುಡಿ ಮಾಡಿ ಕಲಸಿದ ಅನ್ನ. ರಾಹುವಿಗೆ ಮಾಂಸಕ್ಕೆ ಸಮಾನವಾದ ಉದ್ದಿನ ಅನ್ನ. ಕೇತುವಿಗೆ ಚಿತ್ರಾನ್ನ. ಈ ಶ್ಲೋಕದಲ್ಲಿ ಬರುವ 'ಮಾಂಸ' ಪದಕ್ಕೆ ಬೇರೆಬೇರೆ ವ್ಯಾಖ್ಯಾನಗಳಿವೆ. ಕೆಲವು ಪಾಠಾಂತರಗಳಲ್ಲಿ ಅದನ್ನು 'ಮಾಷ' ಎಂದು ಬರೆಯಲಾಗಿದೆ. ಮಾಷ ಅಂದರೆ ಉದ್ದು. ಉದ್ದು ತಾಮಸ ಆಹಾರ ಆದ್ದರಿಂದ ಮಾಂಸಕ್ಕೆ ಹೋಲಿಸುತ್ತಾರೆ. ಇನ್ನು ಕೆಲವೆಡೆ, ಅದು ನಿಜವಾಗಿಯೂ ಮಾಂಸವೇ. ಮಾತ್ರವಲ್ಲ, ''ಅಶಾಕ್ತೀರೇಣ ಸಂಸ್ಥಾನ್ನಾ ಯವಾಷ್ಟ ತಿಲತಂಡುಲಾ॥ ಅಜಾರ್ಕರ್ಣನ್ಯ ರಕ್ತೇನ ರಕ್ತಾಚಿತ್ರಾನ್ನಸಂಜ್ಞಕಾ'' ಎಂಬೊಂದು ಶ್ಲೋಕವನ್ನೂ ಉಲ್ಲೇಖಿಸಿ, ಆಡಿನ ಹಾಲಿನಿಂದ ತೋಯಿದ ಗೋಧಿ, ಎಳ್ಳು, ಅಕ್ಕಿಗಳನ್ನು ಬಳಸಿ ತಯಾರಿಸಿ, ಆಡಿನ ಕಿವಿಯ ರಕ್ತದಿಂದ ಕೆಂಪು ಬಣ್ಣ ಬಂದಿರುವ ಅನ್ನವೇ ಚಿತ್ರಾನ್ನ ಎಂಬ ಭಯಂಕರ ವ್ಯಾಖ್ಯಾನಗಳೂ ಇವೆ!

ಒಟ್ಟಿನಲ್ಲಿ, ಚಿತ್ರಾನ್ನವೆಂದರೆ ಕಲರ್‌ಕಲರ್ ರೈಸ್ ಎನ್ನುವುದಂತೂ ಅಚಿಂದ್ರಾರ್ಕ ಬೆಳಗುವ ಸತ್ಯ. ಛತ್ರದಿಂದ ಬಂದದ್ದು ಎನ್ನುವುದೆಲ್ಲ ಕಾಗಕ್ಕ ಗುಬ್ಬಕ್ಕ ಕಥೆಗಳಿಗೆ ಆಗಬಹುದು ಅಷ್ಟೇ. ಎಂದಹಾಗೆ, ನನ್ನ ಸ್ನೇಹಿತ ರಾಘವೇಂದ್ರ ಸುಬ್ರಹ್ಮಣ್ಯ ಫೇಸ್‌ಬುಕ್ ನಲ್ಲಿ ಬರೆದುಕೊಂಡ ಶಮಾಷೆ ಚೆನ್ನಾಗಿದೆ. ಚಿತ್ರಾನ್ನ ಮಾಡುವಾಗ ಕೊನೆಯಲ್ಲಿ ನಿಂಬೆಹಣ್ಣು ಹಿಂಡುತ್ತೇವಲ್ಲ, ನಿಂಬೆರಸದಲ್ಲಿರುವ ಸಿಟ್ರಿಕ್ ಆಸಿಡ್. ನಿಂಬೆಯ ಬದಲಿಗೆ ಹೆರಳೆಕಾಯಿ ರಸ ಹಿಂಡಿದರೂ, ಅಥವಾ ಮುಂದಿನ ಭಾನುವಾರ ಯುಗಾದಿ ಹಬ್ಬದಂದು ಮಾವಿನಕಾಯಿ ಚಿತ್ರಾನ್ನ ಮಾಡಿದರೂ, ಹೆರಳೆಯಲ್ಲಿ ಮತ್ತು ಮಾವಿನಕಾಯಿಯಲ್ಲೂ ಇರುವುದು ಸಿಟ್ರಿಕ್ ಆಮ್ಲವೇ. ಆದ್ದರಿಂದ, ಮೂಲತಃ ಈ ಭಕ್ಷ್ಯದ ವೈಜ್ಞಾನಿಕ ಹೆಸರು ಸಿಟ್ರಸ್ ಅನ್ನ. ಅದೇ ಕ್ರಮೇಣ ಸಿಟ್ರಾನ್ನ ಆಗಿ ಚಿತ್ರಾನ್ನಕ್ಕೆ ಬಂದು ನಿಂತಿದೆ!
